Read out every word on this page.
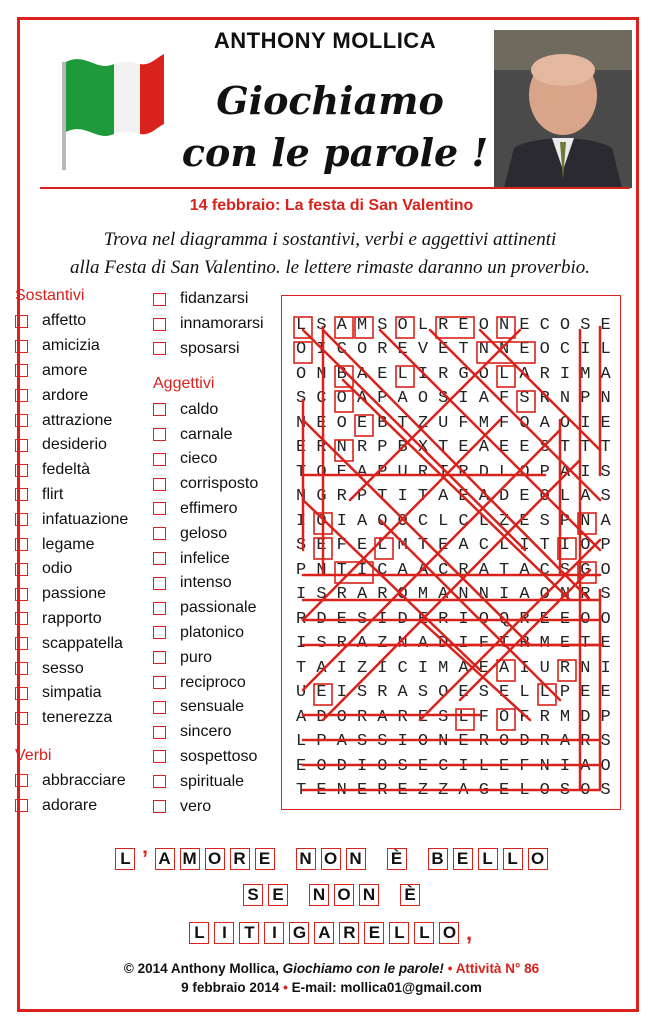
ANTHONY MOLLICA
Giochiamo
con le parole !
14 febbraio: La festa di San Valentino
Trova nel diagramma i sostantivi, verbi e aggettivi attinenti
alla Festa di San Valentino. le lettere rimaste daranno un proverbio.
Sostantivi
affetto
amicizia
amore
ardore
attrazione
desiderio
fedeltà
flirt
infatuazione
legame
odio
passione
rapporto
scappatella
sesso
simpatia
tenerezza
Verbi
abbracciare
adorare
fidanzarsi
innamorarsi
sposarsi
Aggettivi
caldo
carnale
cieco
corrisposto
effimero
geloso
infelice
intenso
passionale
platonico
puro
reciproco
sensuale
sincero
sospettoso
spirituale
vero
L S A M S O L R E O N E C O S E
O I C O R E V E T N N E O C I L
O N B A E L I R G O L A R I M A
S C O A P A O S I A F S R N P N
N E O E B T Z U F M F O A O I E
E R N R P B X T E A E E S T T T
T O E A P U R T R D L O P A I S
N G R P T I T A E A D E O L A S
I O I A O O C L C L Z E S P N A
S E F E L M T E A C L I T I O P
P N T I C A A C R A T A C S G O
I S R A R O M A N N I A O N R S
R D E S I D E R I O Q R E E O O
I S R A Z N A D I F T R M E T E
T A I Z I C I M A E A I U R N I
U E I S R A S O E S E L L P E E
A D O R A R E S L F O F R M D P
L P A S S I O N E R O D R A R S
E O D I O S E C I L E F N I A O
T E N E R E Z Z A G E L O S O S
L ’ A M O R E N O N È B E L L O
S E N O N È
L	I	T	I G A R E L L O ,
© 2014 Anthony Mollica, Giochiamo con le parole! • Attività N° 86
9 febbraio 2014 • E-mail: mollica01@gmail.com
